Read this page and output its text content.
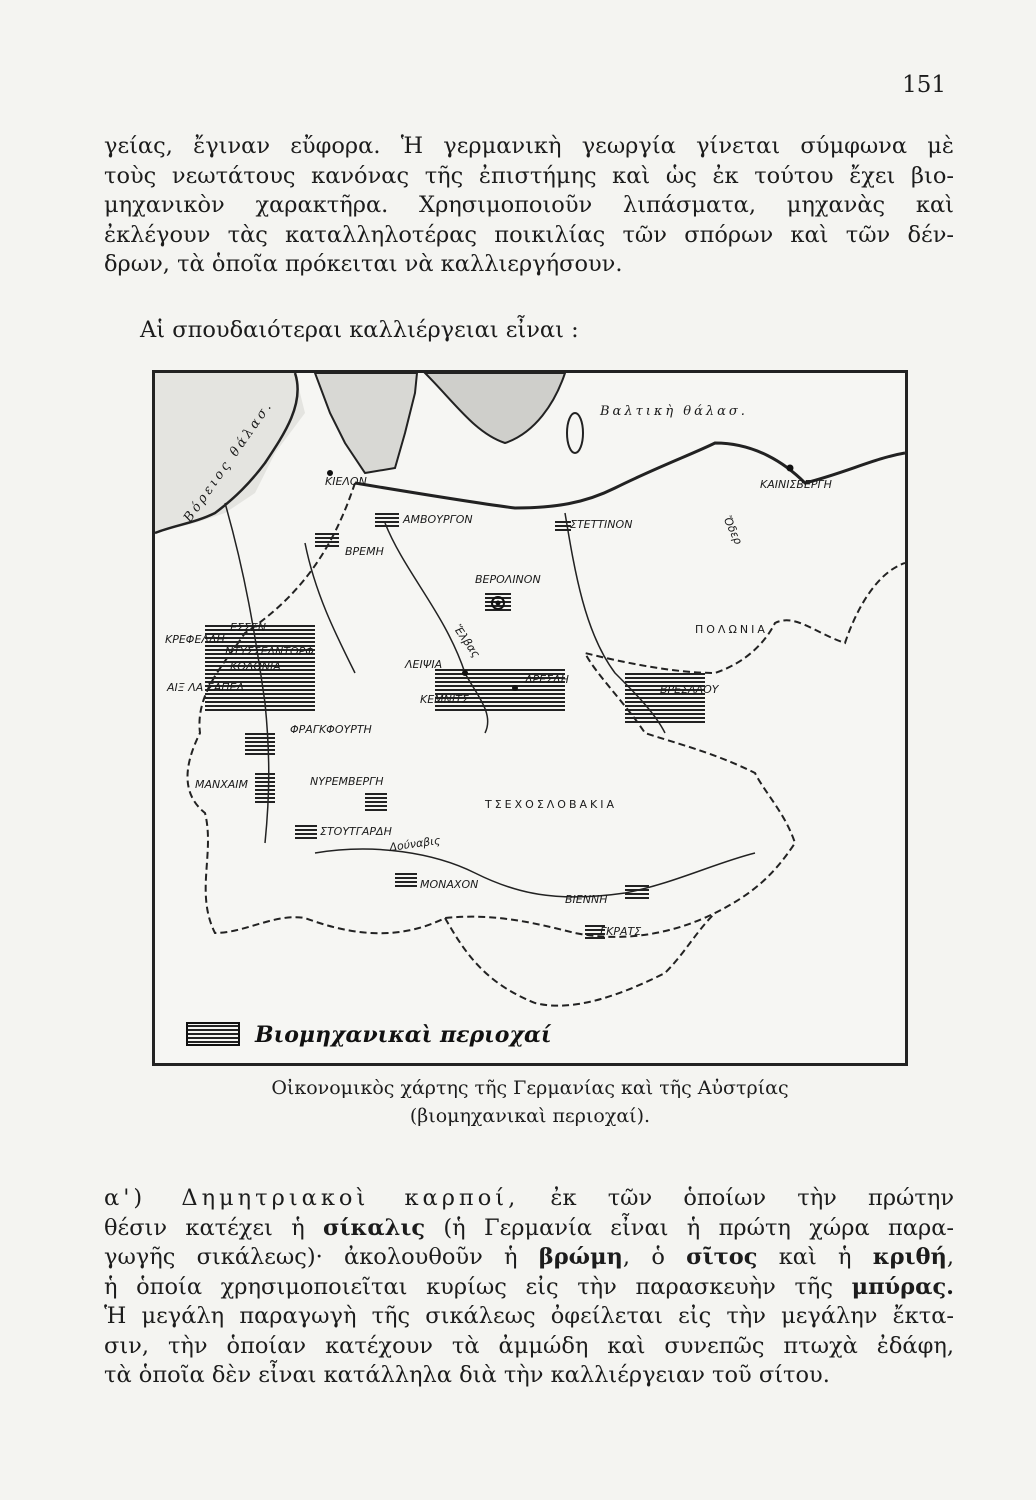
151

γείας, ἔγιναν εὔφορα. Ἡ γερμανικὴ γεωργία γίνεται σύμφωνα μὲ
τοὺς νεωτάτους κανόνας τῆς ἐπιστήμης καὶ ὡς ἐκ τούτου ἔχει βιο-
μηχανικὸν χαρακτῆρα. Χρησιμοποιοῦν λιπάσματα, μηχανὰς καὶ
ἐκλέγουν τὰς καταλληλοτέρας ποικιλίας τῶν σπόρων καὶ τῶν δέν-
δρων, τὰ ὁποῖα πρόκειται νὰ καλλιεργήσουν.

Αἱ σπουδαιότεραι καλλιέργειαι εἶναι :

Βόρειος θάλασ.	Βαλτικὴ θάλασ.
ΠΟΛΩΝΙΑ
ΤΣΕΧΟΣΛΟΒΑΚΙΑ
Ὄδερ
Ἔλβας
Δούναβις
ΚΙΕΛΟΝ
ΑΜΒΟΥΡΓΟΝ	ΣΤΕΤΤΙΝΟΝ
ΚΑΙΝΙΣΒΕΡΓΗ
ΒΡΕΜΗ
ΒΕΡΟΛΙΝΟΝ
ΕΣΣΕΝ
ΚΡΕΦΕΛΔΗ
ΝΤΥΣΣΕΛΝΤΟΡΦ
ΚΟΛΩΝΙΑ
ΑΙΞ ΛΑ ΣΑΠΕΛ
ΛΕΙΨΙΑ
ΔΡΕΣΔΗ
ΚΕΜΝΙΤΣ
ΒΡΕΣΛΑΟΥ
ΦΡΑΓΚΦΟΥΡΤΗ
ΜΑΝΧΑΙΜ	ΝΥΡΕΜΒΕΡΓΗ
ΣΤΟΥΤΓΑΡΔΗ
ΜΟΝΑΧΟΝ
ΒΙΕΝΝΗ
ΓΚΡΑΤΣ
Βιομηχανικαὶ περιοχαί
Οἰκονομικὸς χάρτης τῆς Γερμανίας καὶ τῆς Αὐστρίας
(βιομηχανικαὶ περιοχαί).

α') Δημητριακοὶ καρποί, ἐκ τῶν ὁποίων τὴν πρώτην
θέσιν κατέχει ἡ σίκαλις (ἡ Γερμανία εἶναι ἡ πρώτη χώρα παρα-
γωγῆς σικάλεως)· ἀκολουθοῦν ἡ βρώμη, ὁ σῖτος καὶ ἡ κριθή,
ἡ ὁποία χρησιμοποιεῖται κυρίως εἰς τὴν παρασκευὴν τῆς μπύρας.
Ἡ μεγάλη παραγωγὴ τῆς σικάλεως ὀφείλεται εἰς τὴν μεγάλην ἔκτα-
σιν, τὴν ὁποίαν κατέχουν τὰ ἀμμώδη καὶ συνεπῶς πτωχὰ ἐδάφη,
τὰ ὁποῖα δὲν εἶναι κατάλληλα διὰ τὴν καλλιέργειαν τοῦ σίτου.
